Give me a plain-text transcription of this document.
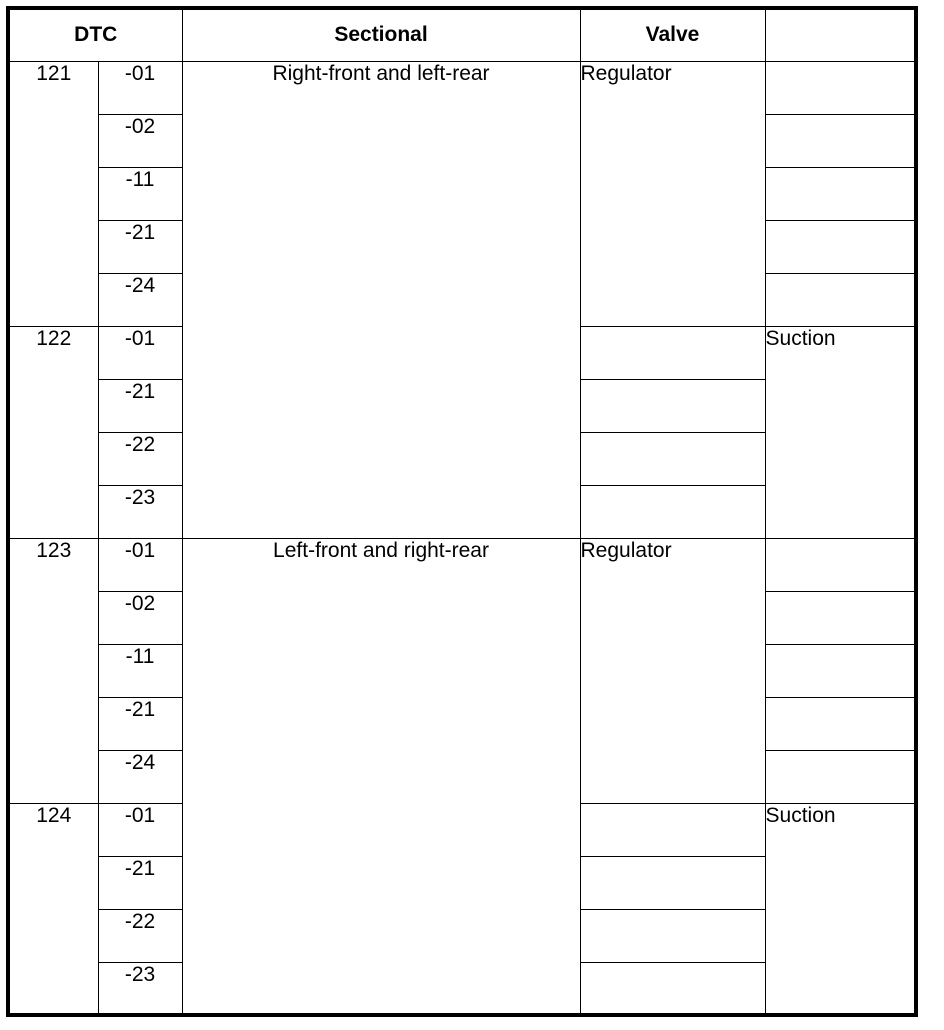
DTC		Sectional	Valve	
121	-01	Right-front and left-rear	Regulator	
	-02			
	-11			
	-21			
	-24			
122	-01			Suction
	-21			
	-22			
	-23			
123	-01	Left-front and right-rear	Regulator	
	-02			
	-11			
	-21			
	-24			
124	-01			Suction
	-21			
	-22			
	-23			
